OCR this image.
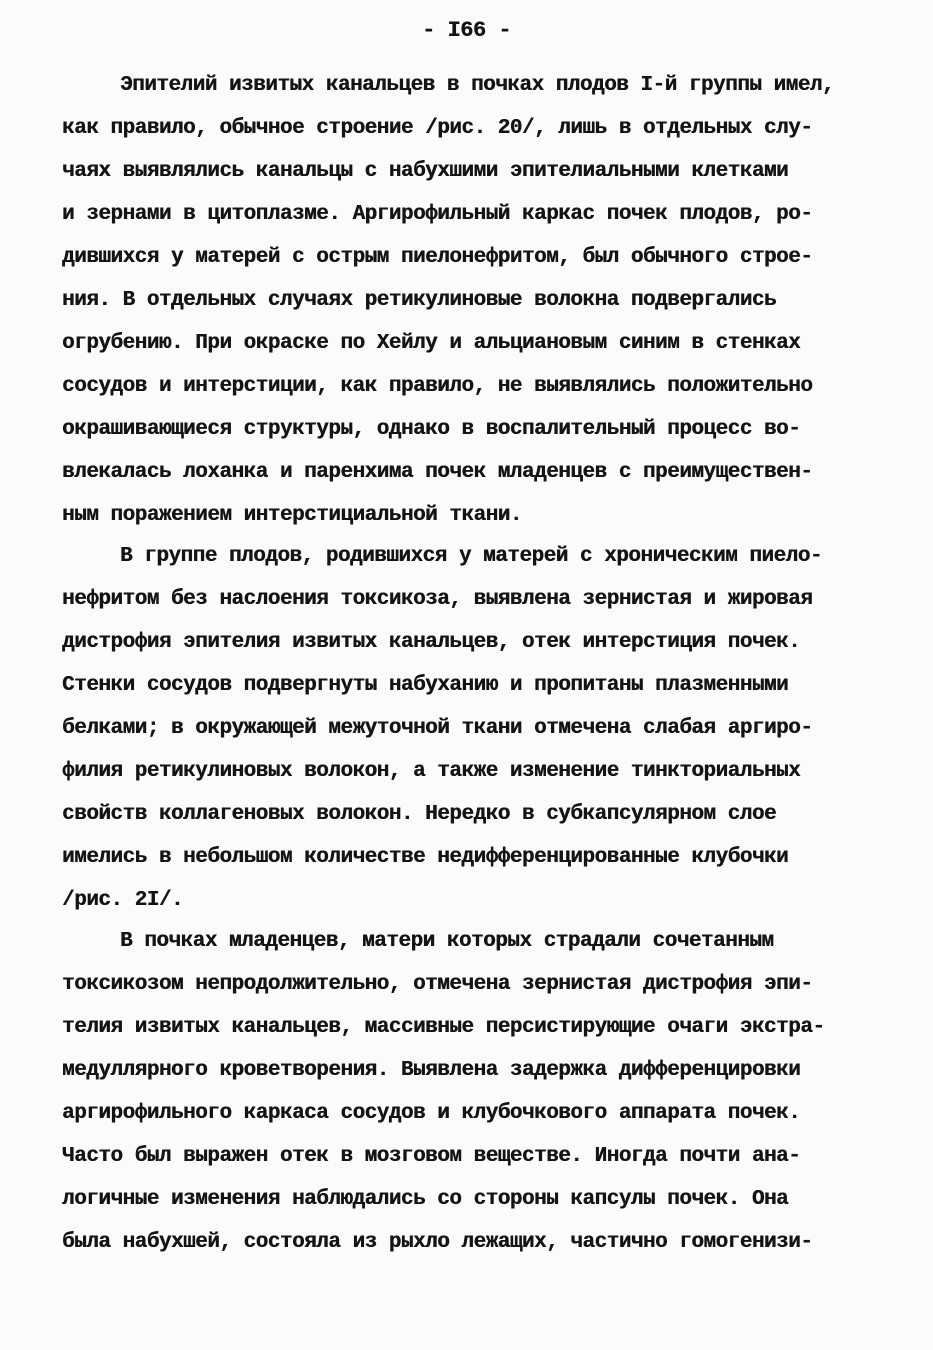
- I66 -
Эпителий извитых канальцев в почках плодов I-й группы имел,
как правило, обычное строение /рис. 20/, лишь в отдельных слу-
чаях выявлялись канальцы с набухшими эпителиальными клетками
и зернами в цитоплазме. Аргирофильный каркас почек плодов, ро-
дившихся у матерей с острым пиелонефритом, был обычного строе-
ния. В отдельных случаях ретикулиновые волокна подвергались
огрубению. При окраске по Хейлу и альциановым синим в стенках
сосудов и интерстиции, как правило, не выявлялись положительно
окрашивающиеся структуры, однако в воспалительный процесс во-
влекалась лоханка и паренхима почек младенцев с преимуществен-
ным поражением интерстициальной ткани.
В группе плодов, родившихся у матерей с хроническим пиело-
нефритом без наслоения токсикоза, выявлена зернистая и жировая
дистрофия эпителия извитых канальцев, отек интерстиция почек.
Стенки сосудов подвергнуты набуханию и пропитаны плазменными
белками; в окружающей межуточной ткани отмечена слабая аргиро-
филия ретикулиновых волокон, а также изменение тинкториальных
свойств коллагеновых волокон. Нередко в субкапсулярном слое
имелись в небольшом количестве недифференцированные клубочки
/рис. 2I/.
В почках младенцев, матери которых страдали сочетанным
токсикозом непродолжительно, отмечена зернистая дистрофия эпи-
телия извитых канальцев, массивные персистирующие очаги экстра-
медуллярного кроветворения. Выявлена задержка дифференцировки
аргирофильного каркаса сосудов и клубочкового аппарата почек.
Часто был выражен отек в мозговом веществе. Иногда почти ана-
логичные изменения наблюдались со стороны капсулы почек. Она
была набухшей, состояла из рыхло лежащих, частично гомогенизи-
